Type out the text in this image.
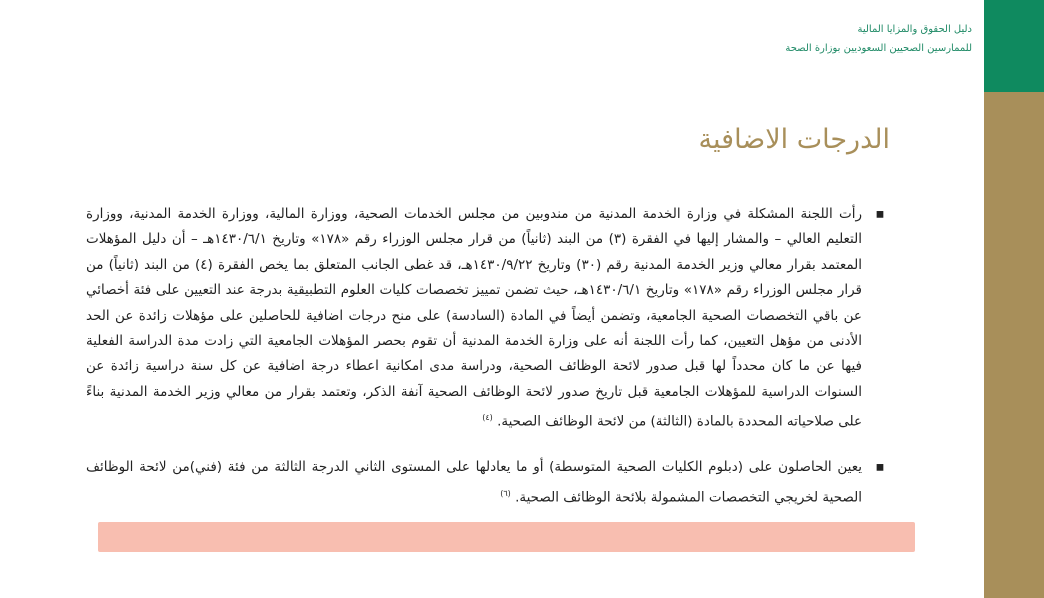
دليل الحقوق والمزايا المالية
للممارسين الصحيين السعوديين بوزارة الصحة
الدرجات الاضافية
▪
رأت اللجنة المشكلة في وزارة الخدمة المدنية من مندوبين من مجلس الخدمات الصحية، ووزارة المالية، ووزارة الخدمة المدنية، ووزارة التعليم العالي – والمشار إليها في الفقرة (٣) من البند (ثانياً) من قرار مجلس الوزراء رقم «١٧٨» وتاريخ ١٤٣٠/٦/١هـ – أن دليل المؤهلات المعتمد بقرار معالي وزير الخدمة المدنية رقم (٣٠) وتاريخ ١٤٣٠/٩/٢٢هـ، قد غطى الجانب المتعلق بما يخص الفقرة (٤) من البند (ثانياً) من قرار مجلس الوزراء رقم «١٧٨» وتاريخ ١٤٣٠/٦/١هـ، حيث تضمن تمييز تخصصات كليات العلوم التطبيقية بدرجة عند التعيين على فئة أخصائي عن باقي التخصصات الصحية الجامعية، وتضمن أيضاً في المادة (السادسة) على منح درجات اضافية للحاصلين على مؤهلات زائدة عن الحد الأدنى من مؤهل التعيين، كما رأت اللجنة أنه على وزارة الخدمة المدنية أن تقوم بحصر المؤهلات الجامعية التي زادت مدة الدراسة الفعلية فيها عن ما كان محدداً لها قبل صدور لائحة الوظائف الصحية، ودراسة مدى امكانية اعطاء درجة اضافية عن كل سنة دراسية زائدة عن السنوات الدراسية للمؤهلات الجامعية قبل تاريخ صدور لائحة الوظائف الصحية آنفة الذكر، وتعتمد بقرار من معالي وزير الخدمة المدنية بناءً على صلاحياته المحددة بالمادة (الثالثة) من لائحة الوظائف الصحية. $^{(٤)}$
▪
يعين الحاصلون على (دبلوم الكليات الصحية المتوسطة) أو ما يعادلها على المستوى الثاني الدرجة الثالثة من فئة (فني)من لائحة الوظائف الصحية لخريجي التخصصات المشمولة بلائحة الوظائف الصحية. $^{(٦)}$
